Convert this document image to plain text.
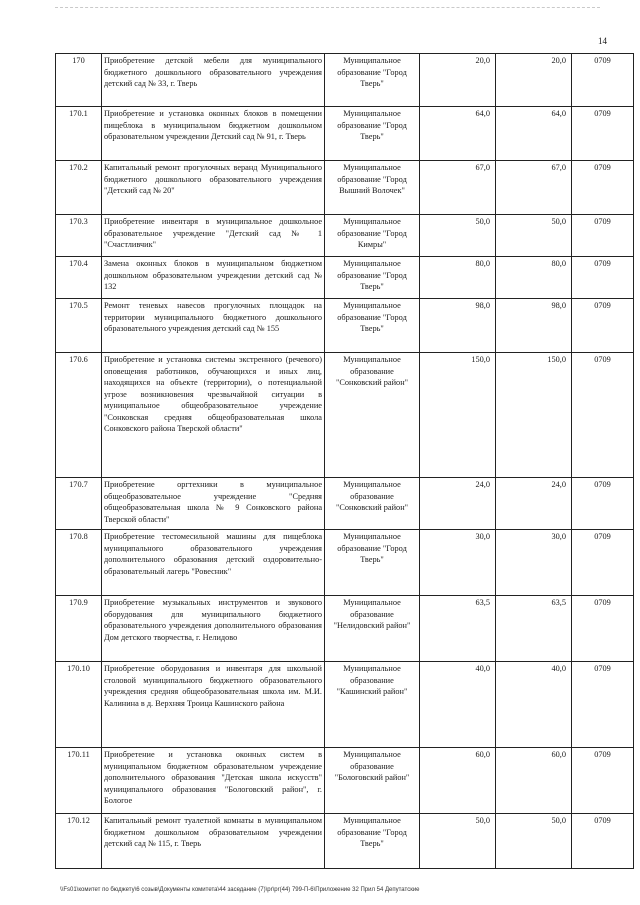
14
170	Приобретение детской мебели для муниципального бюджетного дошкольного образовательного учреждения детский сад № 33, г. Тверь	Муниципальное образование "Город Тверь"	20,0	20,0	0709
170.1	Приобретение и установка оконных блоков в помещении пищеблока в муниципальном бюджетном дошкольном образовательном учреждении Детский сад № 91, г. Тверь	Муниципальное образование "Город Тверь"	64,0	64,0	0709
170.2	Капитальный ремонт прогулочных веранд Муниципального бюджетного дошкольного образовательного учреждения "Детский сад № 20"	Муниципальное образование "Город Вышний Волочек"	67,0	67,0	0709
170.3	Приобретение инвентаря в муниципальное дошкольное образовательное учреждение "Детский сад № 1 "Счастливчик"	Муниципальное образование "Город Кимры"	50,0	50,0	0709
170.4	Замена оконных блоков в муниципальном бюджетном дошкольном образовательном учреждении детский сад № 132	Муниципальное образование "Город Тверь"	80,0	80,0	0709
170.5	Ремонт теневых навесов прогулочных площадок на территории муниципального бюджетного дошкольного образовательного учреждения детский сад № 155	Муниципальное образование "Город Тверь"	98,0	98,0	0709
170.6	Приобретение и установка системы экстренного (речевого) оповещения работников, обучающихся и иных лиц, находящихся на объекте (территории), о потенциальной угрозе возникновения чрезвычайной ситуации в муниципальное общеобразовательное учреждение "Сонковская средняя общеобразовательная школа Сонковского района Тверской области"	Муниципальное образование "Сонковский район"	150,0	150,0	0709
170.7	Приобретение оргтехники в муниципальное общеобразовательное учреждение "Средняя общеобразовательная школа № 9 Сонковского района Тверской области"	Муниципальное образование "Сонковский район"	24,0	24,0	0709
170.8	Приобретение тестомесильной машины для пищеблока муниципального образовательного учреждения дополнительного образования детский оздоровительно-образовательный лагерь "Ровесник"	Муниципальное образование "Город Тверь"	30,0	30,0	0709
170.9	Приобретение музыкальных инструментов и звукового оборудования для муниципального бюджетного образовательного учреждения дополнительного образования Дом детского творчества, г. Нелидово	Муниципальное образование "Нелидовский район"	63,5	63,5	0709
170.10	Приобретение оборудования и инвентаря для школьной столовой муниципального бюджетного образовательного учреждения средняя общеобразовательная школа им. М.И. Калинина в д. Верхняя Троица Кашинского района	Муниципальное образование "Кашинский район"	40,0	40,0	0709
170.11	Приобретение и установка оконных систем в муниципальном бюджетном образовательном учреждение дополнительного образования "Детская школа искусств" муниципального образования "Бологовский район", г. Бологое	Муниципальное образование "Бологовский район"	60,0	60,0	0709
170.12	Капитальный ремонт туалетной комнаты в муниципальном бюджетном дошкольном образовательном учреждении детский сад № 115, г. Тверь	Муниципальное образование "Город Тверь"	50,0	50,0	0709
\\Fs01\комитет по бюджету\6 созыв\Документы комитета\44 заседание (7)\pr\pr(44) 799-П-6\Приложение 32 Прил 54 Депутатские
